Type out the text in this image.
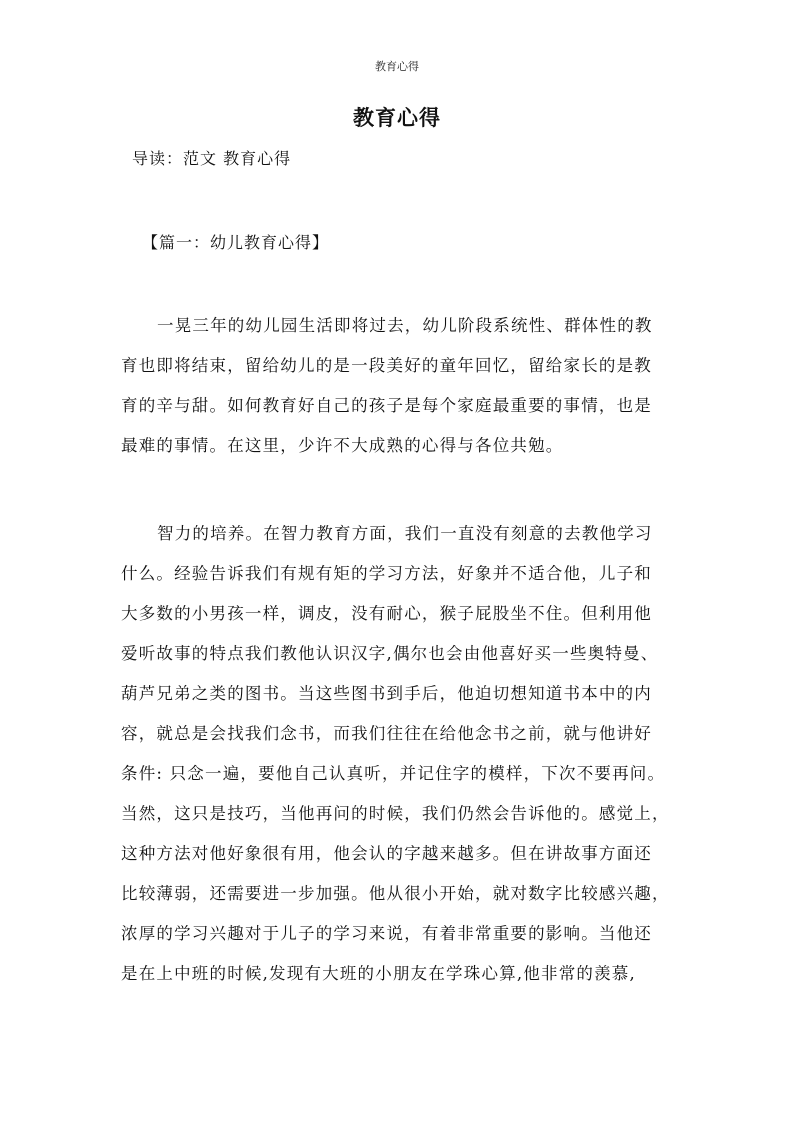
教育心得
教育心得
导读：范文 教育心得
【篇一：幼儿教育心得】
一晃三年的幼儿园生活即将过去，幼儿阶段系统性、群体性的教
育也即将结束，留给幼儿的是一段美好的童年回忆，留给家长的是教
育的辛与甜。如何教育好自己的孩子是每个家庭最重要的事情，也是
最难的事情。在这里，少许不大成熟的心得与各位共勉。
智力的培养。在智力教育方面，我们一直没有刻意的去教他学习
什么。经验告诉我们有规有矩的学习方法，好象并不适合他，儿子和
大多数的小男孩一样，调皮，没有耐心，猴子屁股坐不住。但利用他
爱听故事的特点我们教他认识汉字,偶尔也会由他喜好买一些奥特曼、
葫芦兄弟之类的图书。当这些图书到手后，他迫切想知道书本中的内
容，就总是会找我们念书，而我们往往在给他念书之前，就与他讲好
条件: 只念一遍，要他自己认真听，并记住字的模样，下次不要再问。
当然，这只是技巧，当他再问的时候，我们仍然会告诉他的。感觉上，
这种方法对他好象很有用，他会认的字越来越多。但在讲故事方面还
比较薄弱，还需要进一步加强。他从很小开始，就对数字比较感兴趣，
浓厚的学习兴趣对于儿子的学习来说，有着非常重要的影响。当他还
是在上中班的时候,发现有大班的小朋友在学珠心算,他非常的羡慕,
